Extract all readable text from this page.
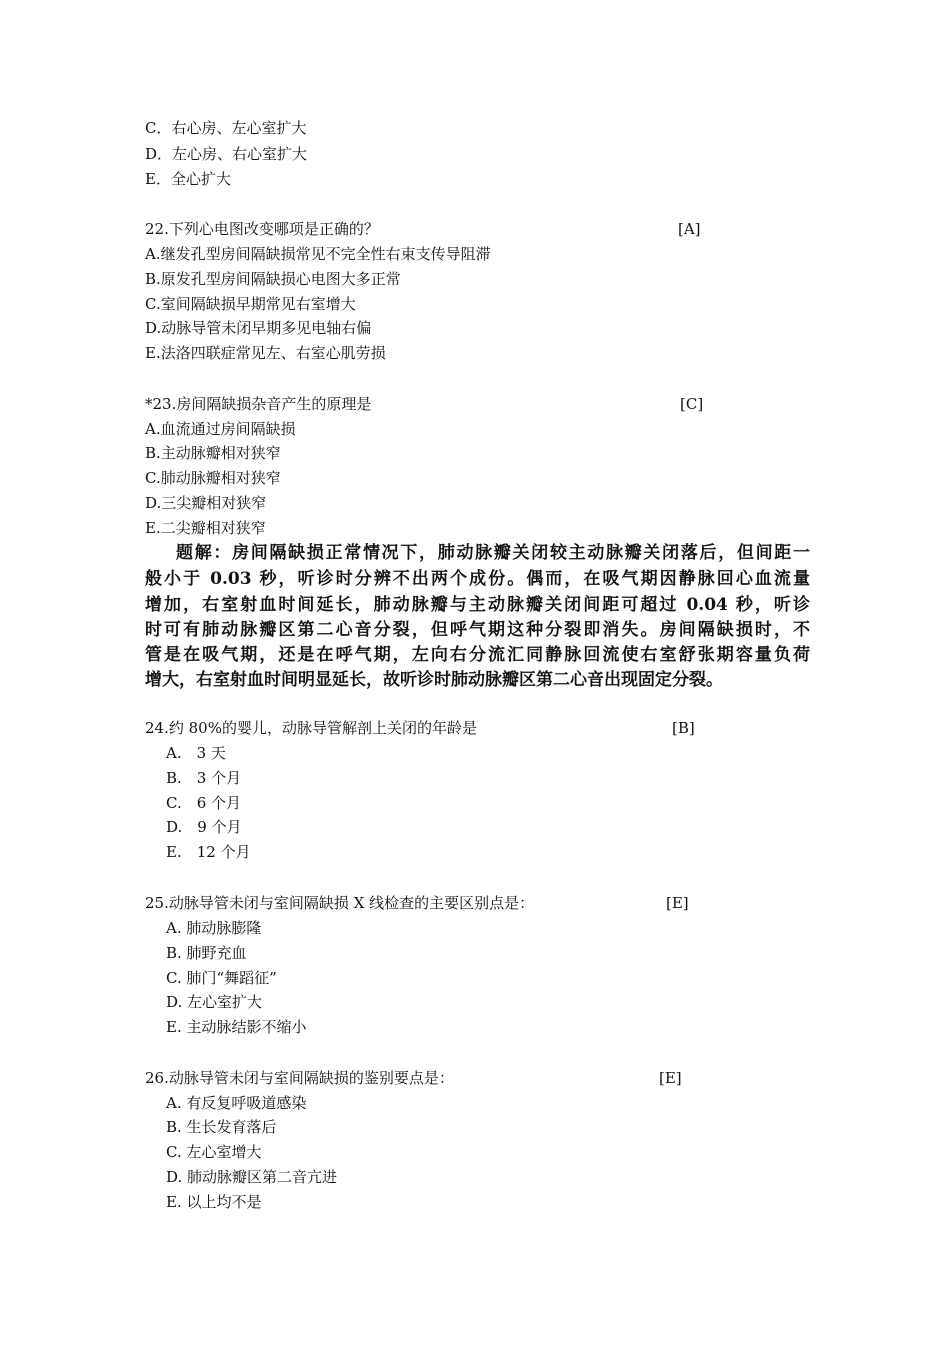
C．右心房、左心室扩大
D．左心房、右心室扩大
E．全心扩大
22.下列心电图改变哪项是正确的？	[A]
A.继发孔型房间隔缺损常见不完全性右束支传导阻滞
B.原发孔型房间隔缺损心电图大多正常
C.室间隔缺损早期常见右室增大
D.动脉导管未闭早期多见电轴右偏
E.法洛四联症常见左、右室心肌劳损
*23.房间隔缺损杂音产生的原理是	[C]
A.血流通过房间隔缺损
B.主动脉瓣相对狭窄
C.肺动脉瓣相对狭窄
D.三尖瓣相对狭窄
E.二尖瓣相对狭窄
题解：房间隔缺损正常情况下，肺动脉瓣关闭较主动脉瓣关闭落后，但间距一
般小于 0.03 秒，听诊时分辨不出两个成份。偶而，在吸气期因静脉回心血流量
增加，右室射血时间延长，肺动脉瓣与主动脉瓣关闭间距可超过 0.04 秒，听诊
时可有肺动脉瓣区第二心音分裂，但呼气期这种分裂即消失。房间隔缺损时，不
管是在吸气期，还是在呼气期，左向右分流汇同静脉回流使右室舒张期容量负荷
增大，右室射血时间明显延长，故听诊时肺动脉瓣区第二心音出现固定分裂。
24.约 80%的婴儿，动脉导管解剖上关闭的年龄是	[B]
A.　3 天
B.　3 个月
C.　6 个月
D.　9 个月
E.　12 个月
25.动脉导管未闭与室间隔缺损 X 线检查的主要区别点是：	[E]
A. 肺动脉膨隆
B. 肺野充血
C. 肺门“舞蹈征”
D. 左心室扩大
E. 主动脉结影不缩小
26.动脉导管未闭与室间隔缺损的鉴别要点是：	[E]
A. 有反复呼吸道感染
B. 生长发育落后
C. 左心室增大
D. 肺动脉瓣区第二音亢进
E. 以上均不是
